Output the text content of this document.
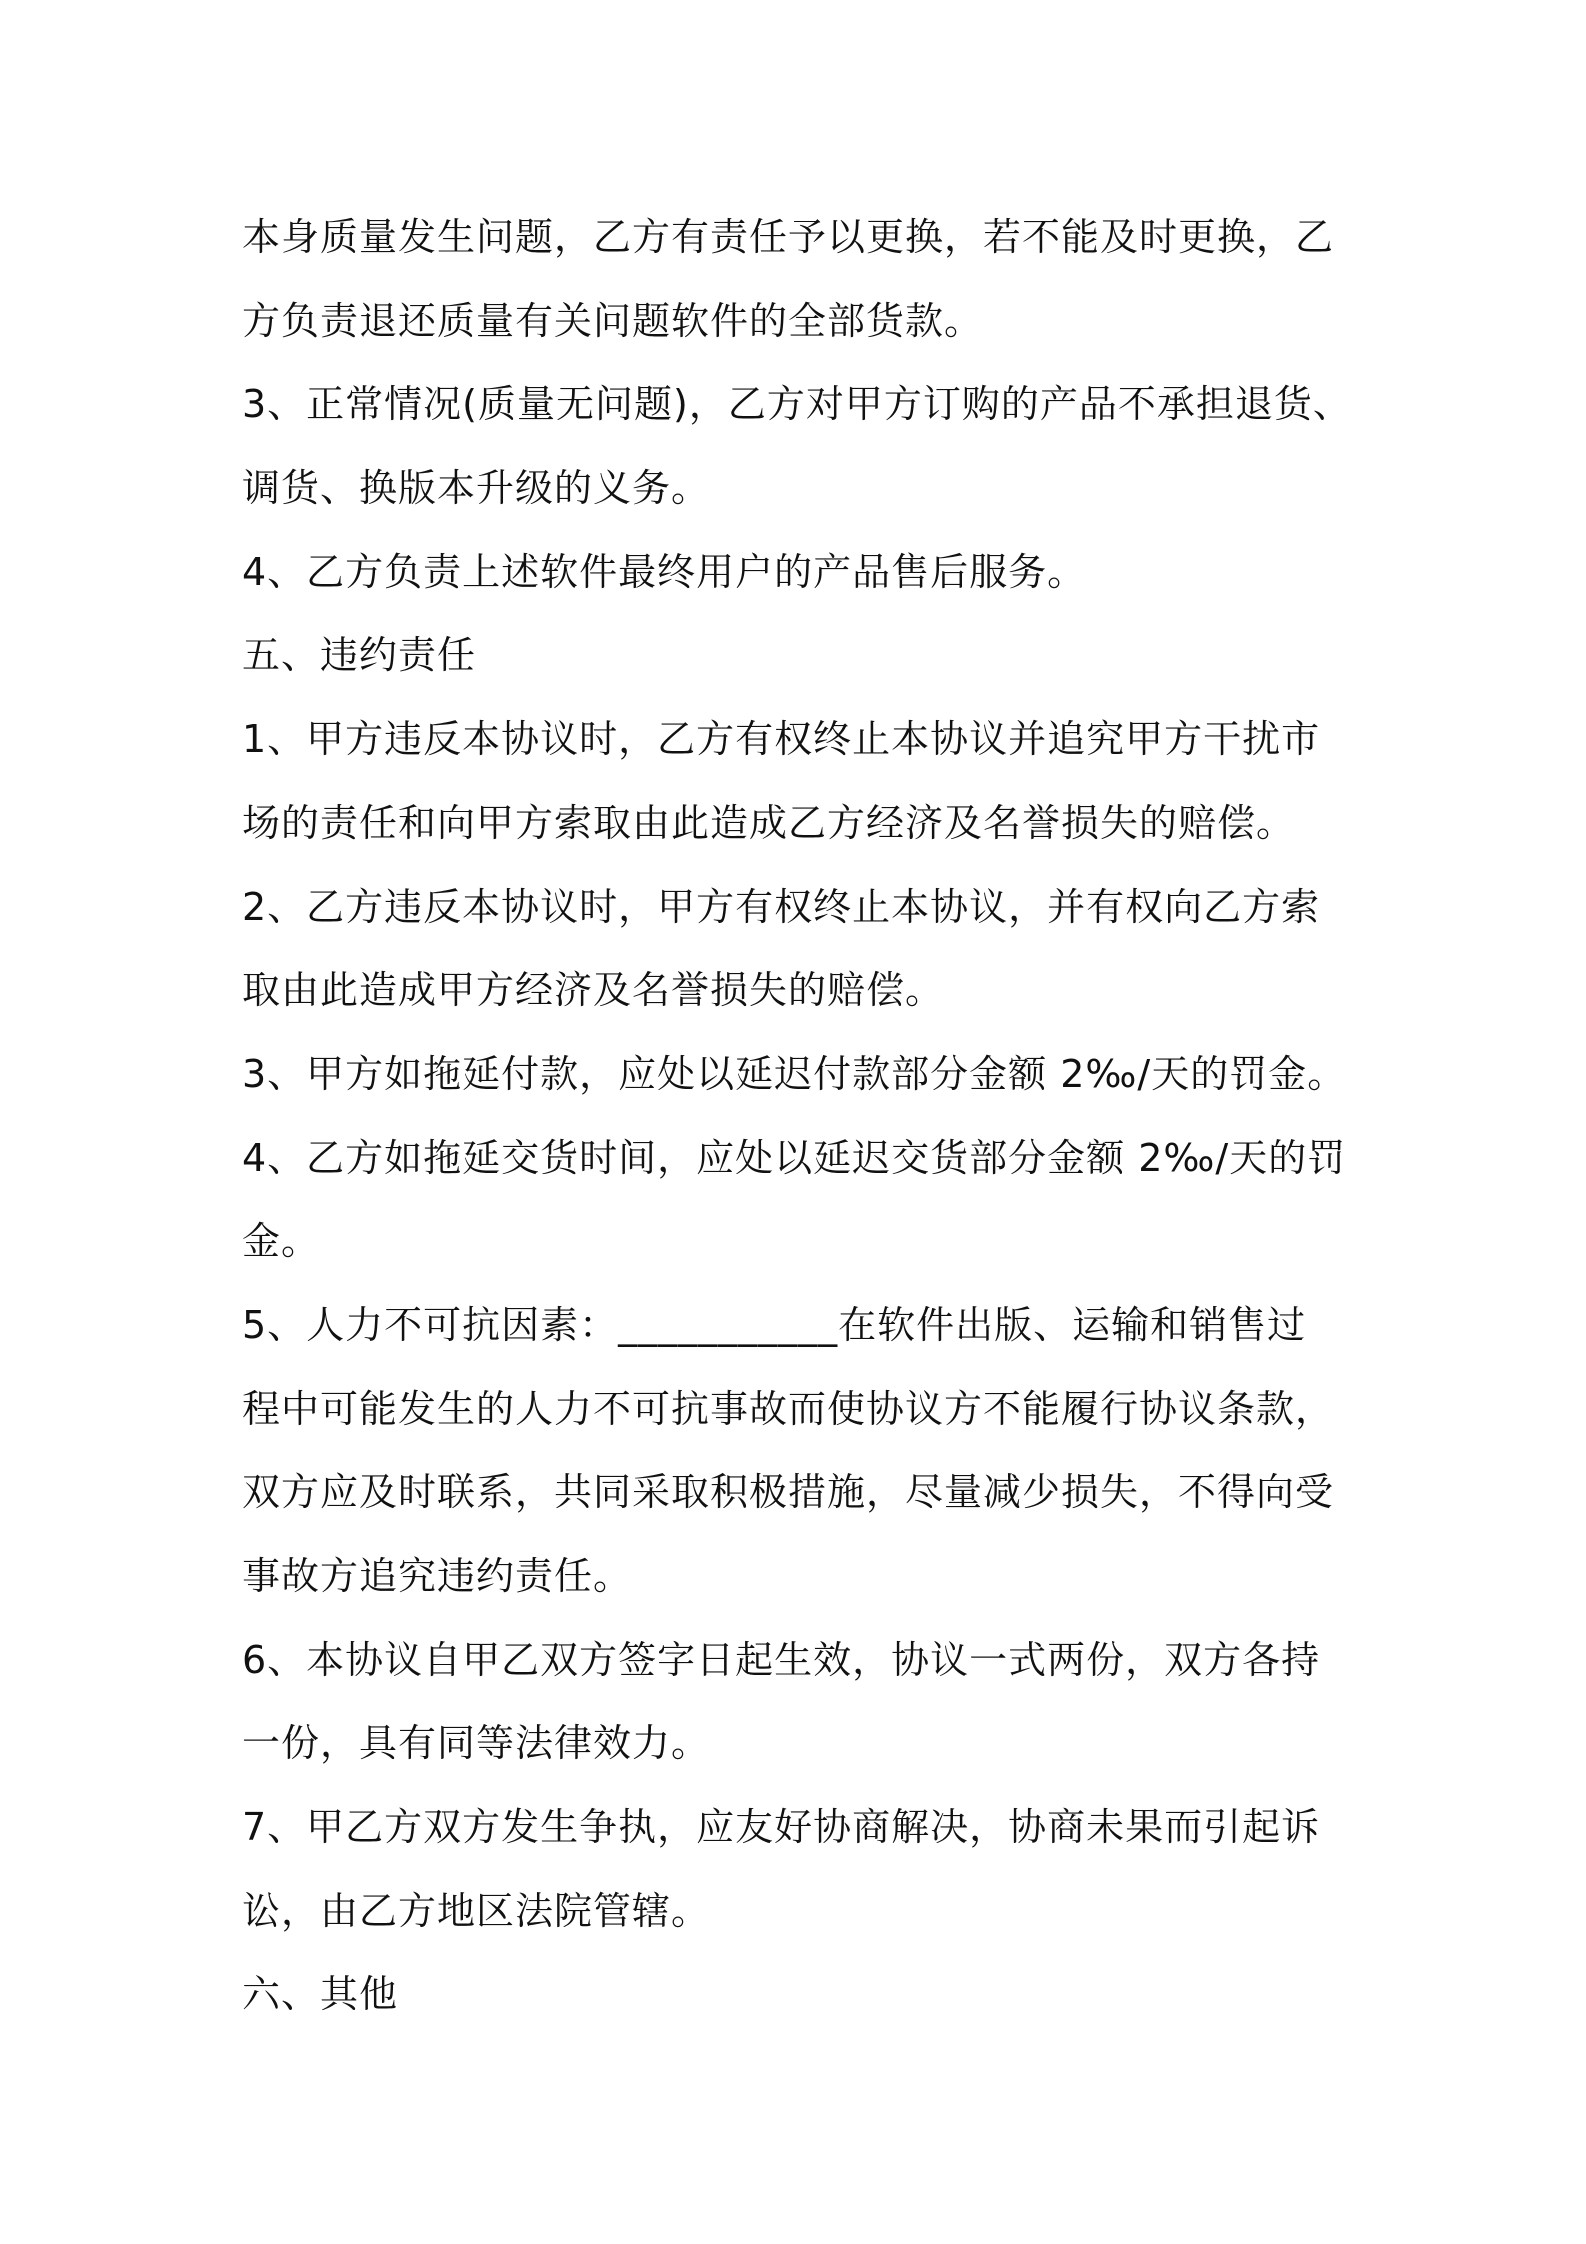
本身质量发生问题，乙方有责任予以更换，若不能及时更换，乙
方负责退还质量有关问题软件的全部货款。
3、正常情况(质量无问题)，乙方对甲方订购的产品不承担退货、
调货、换版本升级的义务。
4、乙方负责上述软件最终用户的产品售后服务。
五、违约责任
1、甲方违反本协议时，乙方有权终止本协议并追究甲方干扰市
场的责任和向甲方索取由此造成乙方经济及名誉损失的赔偿。
2、乙方违反本协议时，甲方有权终止本协议，并有权向乙方索
取由此造成甲方经济及名誉损失的赔偿。
3、甲方如拖延付款，应处以延迟付款部分金额 2‰/天的罚金。
4、乙方如拖延交货时间，应处以延迟交货部分金额 2‰/天的罚
金。
5、人力不可抗因素：___________在软件出版、运输和销售过
程中可能发生的人力不可抗事故而使协议方不能履行协议条款，
双方应及时联系，共同采取积极措施，尽量减少损失，不得向受
事故方追究违约责任。
6、本协议自甲乙双方签字日起生效，协议一式两份，双方各持
一份，具有同等法律效力。
7、甲乙方双方发生争执，应友好协商解决，协商未果而引起诉
讼，由乙方地区法院管辖。
六、其他
